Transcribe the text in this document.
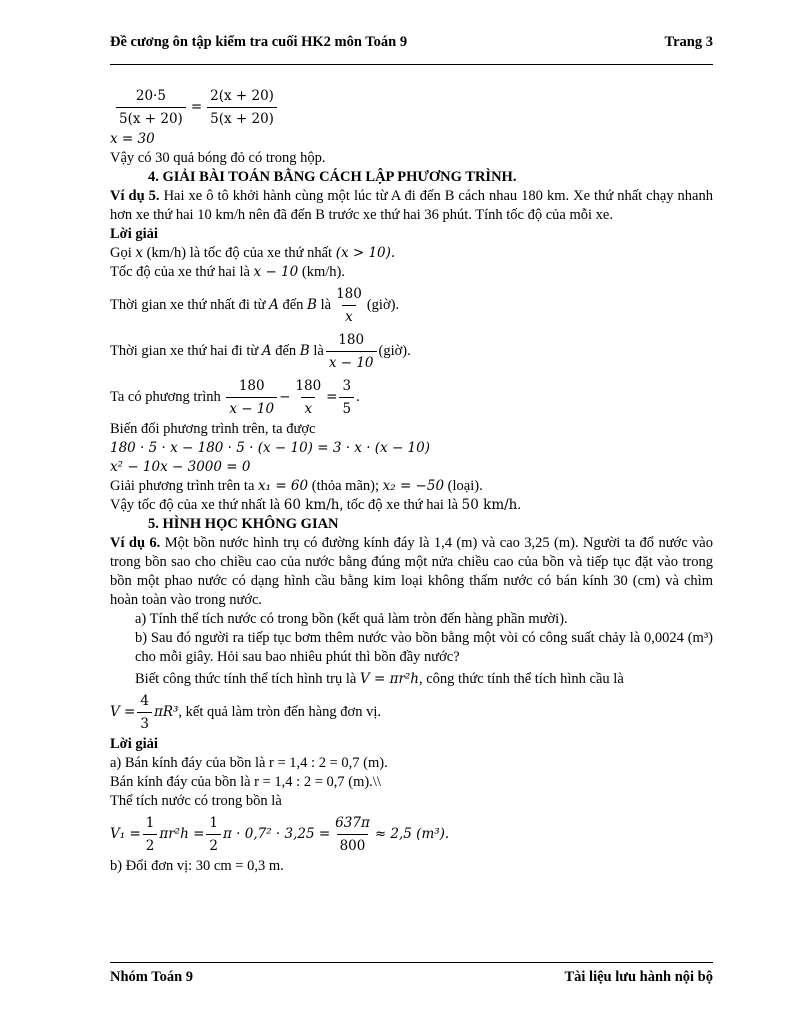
Đề cương ôn tập kiểm tra cuối HK2 môn Toán 9	Trang 3
$\frac{20\cdot 5}{5(x + 20)} = \frac{2(x + 20)}{5(x + 20)}$

x = 30

Vậy có 30 quả bóng đỏ có trong hộp.

4. GIẢI BÀI TOÁN BẰNG CÁCH LẬP PHƯƠNG TRÌNH.

Ví dụ 5. Hai xe ô tô khởi hành cùng một lúc từ A đi đến B cách nhau 180 km. Xe thứ nhất chạy nhanh hơn xe thứ hai 10 km/h nên đã đến B trước xe thứ hai 36 phút. Tính tốc độ của mỗi xe.

Lời giải

Gọi x (km/h) là tốc độ của xe thứ nhất (x > 10).

Tốc độ của xe thứ hai là x − 10 (km/h).

Thời gian xe thứ nhất đi từ
A
đến
B
là $\frac{180}{x}$ (giờ).
Thời gian xe thứ hai đi từ
A
đến
B
là $\frac{180}{x - 10}$ (giờ).
Ta có phương trình
$\frac{180}{x - 10} - \frac{180}{x} = \frac{3}{5}$ .

Biến đổi phương trình trên, ta được

180 · 5 · x − 180 · 5 · (x − 10) = 3 · x · (x − 10)

x² − 10x − 3000 = 0

Giải phương trình trên ta x₁ = 60 (thỏa mãn); x₂ = −50 (loại).

Vậy tốc độ của xe thứ nhất là 60 km/h, tốc độ xe thứ hai là 50 km/h.

5. HÌNH HỌC KHÔNG GIAN

Ví dụ 6. Một bồn nước hình trụ có đường kính đáy là 1,4 (m) và cao 3,25 (m). Người ta đổ nước vào trong bồn sao cho chiều cao của nước bằng đúng một nửa chiều cao của bồn và tiếp tục đặt vào trong bồn một phao nước có dạng hình cầu bằng kim loại không thấm nước có bán kính 30 (cm) và chìm hoàn toàn vào trong nước.

a) Tính thể tích nước có trong bồn (kết quả làm tròn đến hàng phần mười).

b) Sau đó người ra tiếp tục bơm thêm nước vào bồn bằng một vòi có công suất chảy là 0,0024 (m³) cho mỗi giây. Hỏi sau bao nhiêu phút thì bồn đầy nước?

Biết công thức tính thể tích hình trụ là V = πr²h, công thức tính thể tích hình cầu là

$V = \frac{4}{3} \pi R^3$ , kết quả làm tròn đến hàng đơn vị.

Lời giải

a) Bán kính đáy của bồn là r = 1,4 : 2 = 0,7 (m).

Bán kính đáy của bồn là r = 1,4 : 2 = 0,7 (m).\\

Thể tích nước có trong bồn là

$V_1 = \frac{1}{2} \pi r^2h = \frac{1}{2}$ $\pi \cdot 0,7^2 \cdot 3,25 = \frac{637\pi}{800} \approx 2,5$ (m³).

b) Đổi đơn vị: 30 cm = 0,3 m.

Nhóm Toán 9	Tài liệu lưu hành nội bộ
